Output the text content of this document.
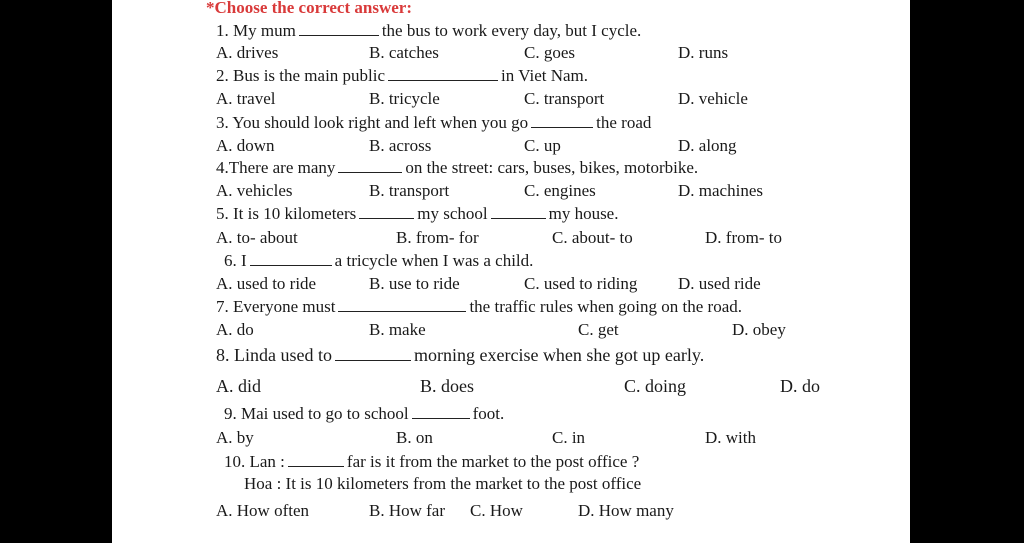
*Choose the correct answer:
1. My mum	the bus to work every day, but I cycle.
A. drives	B. catches	C. goes	D. runs
2. Bus is the main public	in Viet Nam.
A. travel	B. tricycle	C. transport	D. vehicle
3. You should look right and left when you go	the road
A. down	B. across	C. up	D. along
4.There are many	on the street: cars, buses, bikes, motorbike.
A. vehicles	B. transport	C. engines	D. machines
5. It is 10 kilometers	my school	my house.
A. to- about	B. from- for	C. about- to	D. from- to
6. I	a tricycle when I was a child.
A. used to ride	B. use to ride	C. used to riding D. used ride
7. Everyone must	the traffic rules when going on the road.
A. do	B. make	C. get	D. obey
8. Linda used to	morning exercise when she got up early.
A. did	B. does	C. doing	D. do
9. Mai used to go to school	foot.
A. by	B. on	C. in	D. with
10. Lan :	far is it from the market to the post office ?
Hoa : It is 10 kilometers from the market to the post office
A. How often	B. How far C. How	D. How many
